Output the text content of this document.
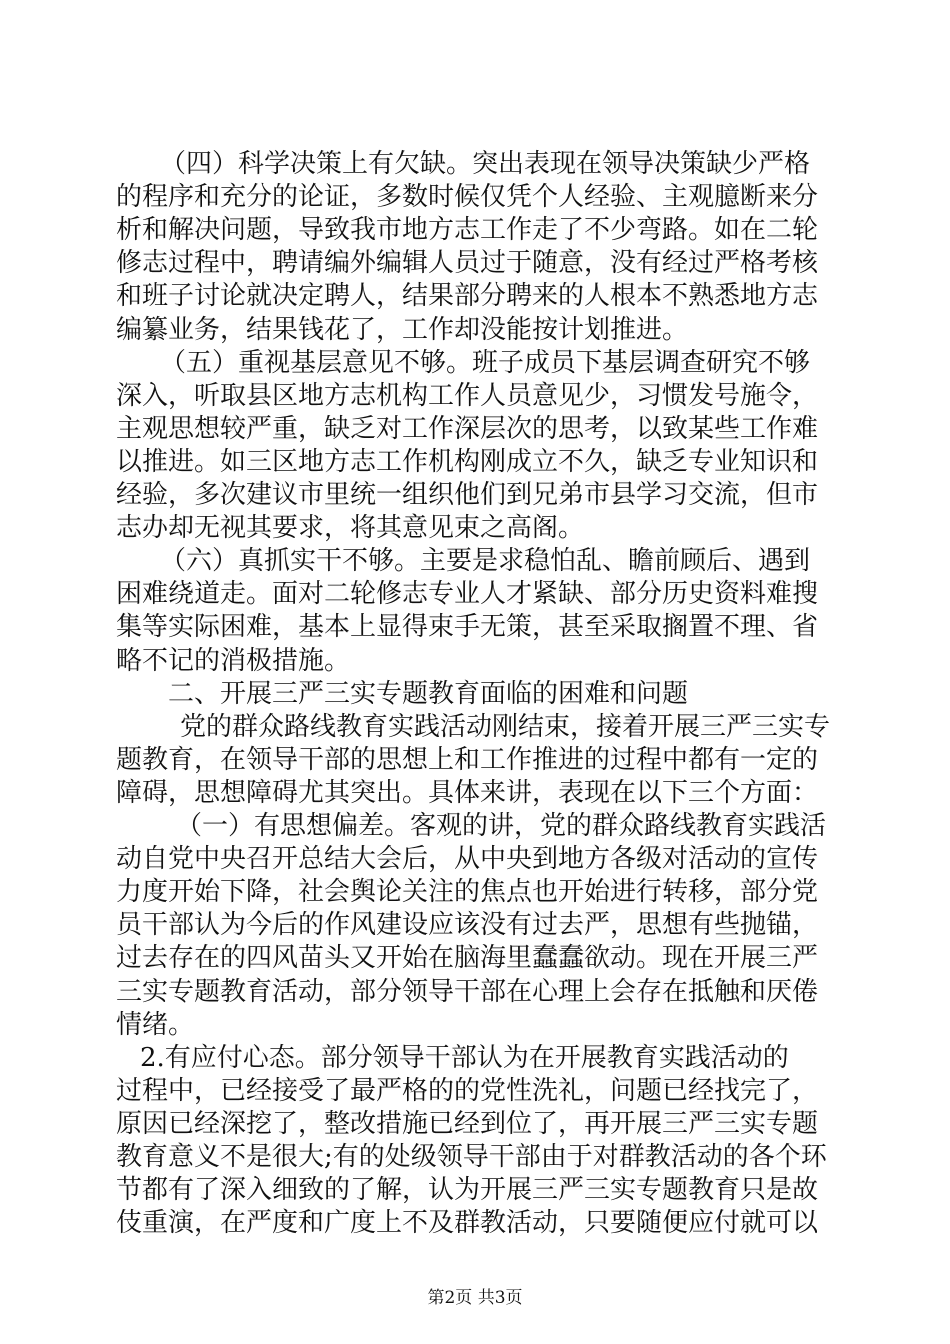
（四）科学决策上有欠缺。突出表现在领导决策缺少严格
的程序和充分的论证，多数时候仅凭个人经验、主观臆断来分
析和解决问题，导致我市地方志工作走了不少弯路。如在二轮
修志过程中，聘请编外编辑人员过于随意，没有经过严格考核
和班子讨论就决定聘人，结果部分聘来的人根本不熟悉地方志
编纂业务，结果钱花了，工作却没能按计划推进。
（五）重视基层意见不够。班子成员下基层调查研究不够
深入，听取县区地方志机构工作人员意见少，习惯发号施令，
主观思想较严重，缺乏对工作深层次的思考，以致某些工作难
以推进。如三区地方志工作机构刚成立不久，缺乏专业知识和
经验，多次建议市里统一组织他们到兄弟市县学习交流，但市
志办却无视其要求，将其意见束之高阁。
（六）真抓实干不够。主要是求稳怕乱、瞻前顾后、遇到
困难绕道走。面对二轮修志专业人才紧缺、部分历史资料难搜
集等实际困难，基本上显得束手无策，甚至采取搁置不理、省
略不记的消极措施。
二、开展三严三实专题教育面临的困难和问题
党的群众路线教育实践活动刚结束，接着开展三严三实专
题教育，在领导干部的思想上和工作推进的过程中都有一定的
障碍，思想障碍尤其突出。具体来讲，表现在以下三个方面：
（一）有思想偏差。客观的讲，党的群众路线教育实践活
动自党中央召开总结大会后，从中央到地方各级对活动的宣传
力度开始下降，社会舆论关注的焦点也开始进行转移，部分党
员干部认为今后的作风建设应该没有过去严，思想有些抛锚，
过去存在的四风苗头又开始在脑海里蠢蠢欲动。现在开展三严
三实专题教育活动，部分领导干部在心理上会存在抵触和厌倦
情绪。
2.有应付心态。部分领导干部认为在开展教育实践活动的
过程中，已经接受了最严格的的党性洗礼，问题已经找完了，
原因已经深挖了，整改措施已经到位了，再开展三严三实专题
教育意义不是很大;有的处级领导干部由于对群教活动的各个环
节都有了深入细致的了解，认为开展三严三实专题教育只是故
伎重演，在严度和广度上不及群教活动，只要随便应付就可以
第2页 共3页
